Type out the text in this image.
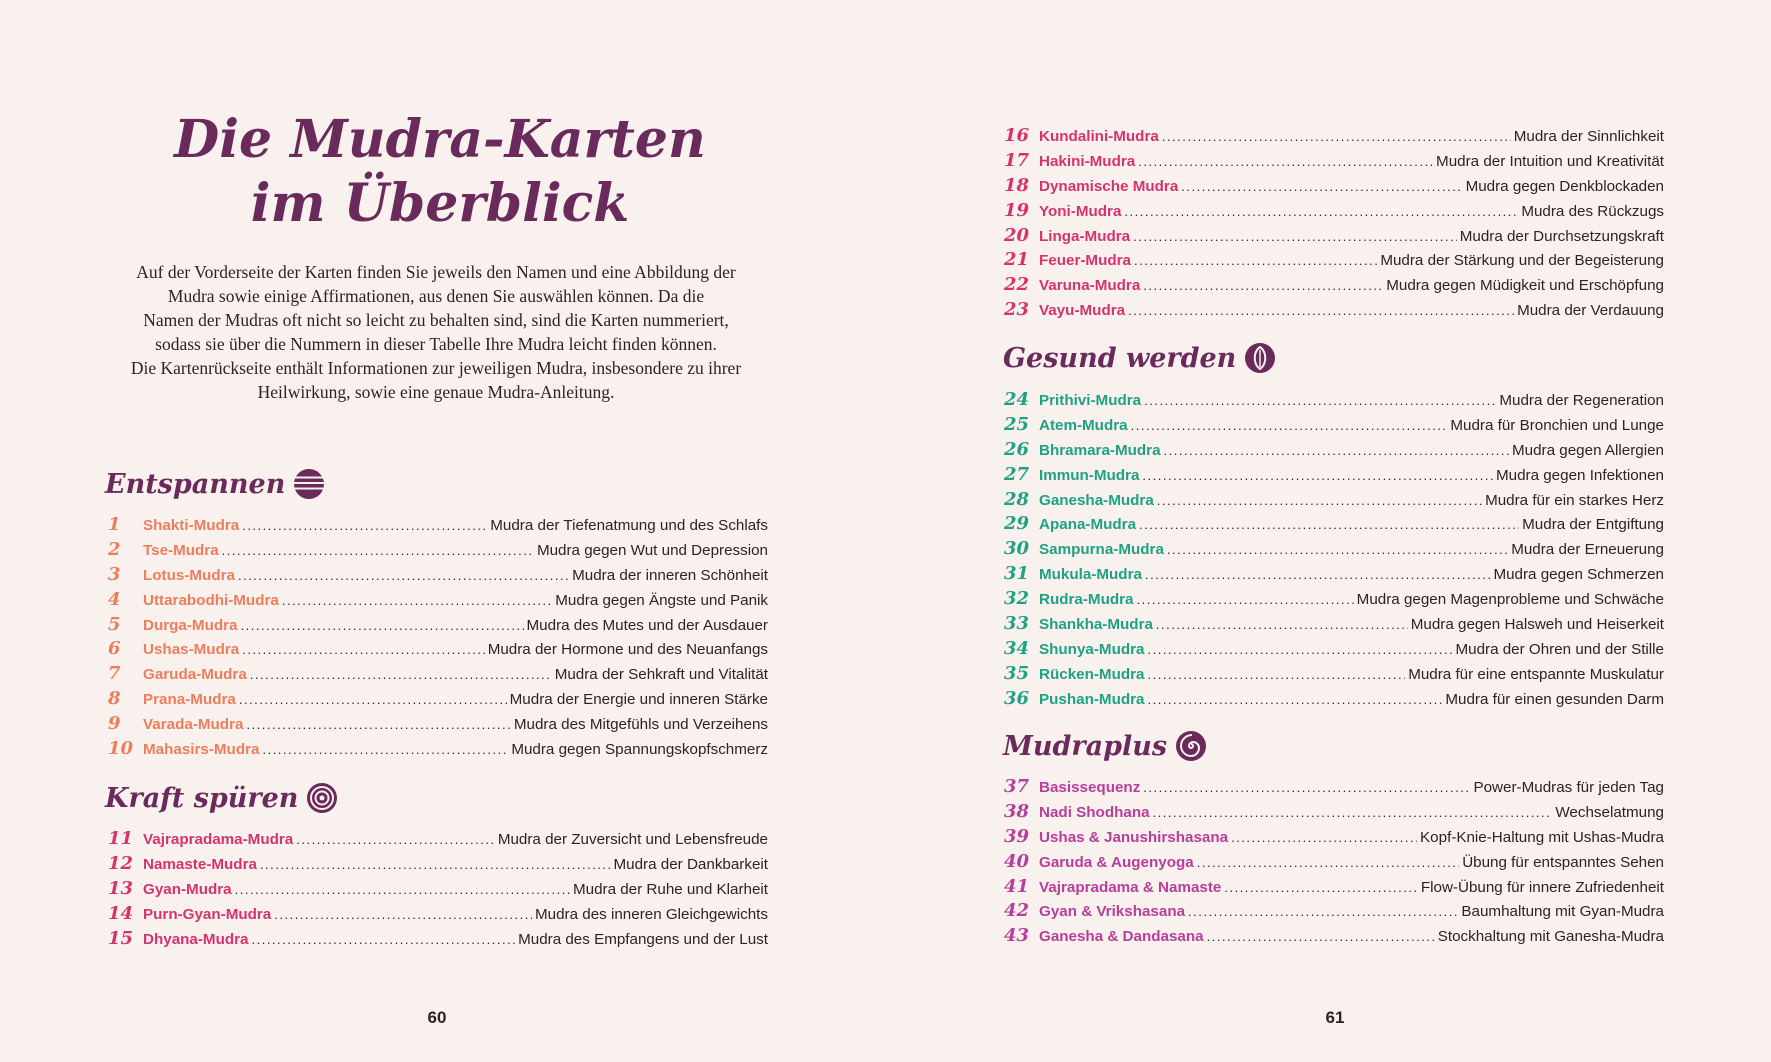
Die Mudra-Karten
im Überblick
Auf der Vorderseite der Karten finden Sie jeweils den Namen und eine Abbildung der
Mudra sowie einige Affirmationen, aus denen Sie auswählen können. Da die
Namen der Mudras oft nicht so leicht zu behalten sind, sind die Karten nummeriert,
sodass sie über die Nummern in dieser Tabelle Ihre Mudra leicht finden können.
Die Kartenrückseite enthält Informationen zur jeweiligen Mudra, insbesondere zu ihrer
Heilwirkung, sowie eine genaue Mudra-Anleitung.
Entspannen
1	Shakti-Mudra .....	Mudra der Tiefenatmung und des Schlafs
2	Tse-Mudra .....	Mudra gegen Wut und Depression
3	Lotus-Mudra .....	Mudra der inneren Schönheit
4	Uttarabodhi-Mudra .....	Mudra gegen Ängste und Panik
5	Durga-Mudra .....	Mudra des Mutes und der Ausdauer
6	Ushas-Mudra .....	Mudra der Hormone und des Neuanfangs
7	Garuda-Mudra .....	Mudra der Sehkraft und Vitalität
8	Prana-Mudra .....	Mudra der Energie und inneren Stärke
9	Varada-Mudra .....	Mudra des Mitgefühls und Verzeihens
10 Mahasirs-Mudra .....	Mudra gegen Spannungskopfschmerz
Kraft spüren
11 Vajrapradama-Mudra .....	Mudra der Zuversicht und Lebensfreude
12 Namaste-Mudra .....	Mudra der Dankbarkeit
13 Gyan-Mudra .....	Mudra der Ruhe und Klarheit
14 Purn-Gyan-Mudra .....	Mudra des inneren Gleichgewichts
15 Dhyana-Mudra .....	Mudra des Empfangens und der Lust
60
16 Kundalini-Mudra .....	Mudra der Sinnlichkeit
17 Hakini-Mudra .....	Mudra der Intuition und Kreativität
18 Dynamische Mudra .....	Mudra gegen Denkblockaden
19 Yoni-Mudra .....	Mudra des Rückzugs
20 Linga-Mudra .....	Mudra der Durchsetzungskraft
21 Feuer-Mudra .....	Mudra der Stärkung und der Begeisterung
22 Varuna-Mudra .....	Mudra gegen Müdigkeit und Erschöpfung
23 Vayu-Mudra .....	Mudra der Verdauung
Gesund werden
24 Prithivi-Mudra .....	Mudra der Regeneration
25 Atem-Mudra .....	Mudra für Bronchien und Lunge
26 Bhramara-Mudra .....	Mudra gegen Allergien
27 Immun-Mudra .....	Mudra gegen Infektionen
28 Ganesha-Mudra .....	Mudra für ein starkes Herz
29 Apana-Mudra .....	Mudra der Entgiftung
30 Sampurna-Mudra .....	Mudra der Erneuerung
31 Mukula-Mudra .....	Mudra gegen Schmerzen
32 Rudra-Mudra .....	Mudra gegen Magenprobleme und Schwäche
33 Shankha-Mudra .....	Mudra gegen Halsweh und Heiserkeit
34 Shunya-Mudra .....	Mudra der Ohren und der Stille
35 Rücken-Mudra .....	Mudra für eine entspannte Muskulatur
36 Pushan-Mudra .....	Mudra für einen gesunden Darm
Mudraplus
37 Basissequenz .....	Power-Mudras für jeden Tag
38 Nadi Shodhana .....	Wechselatmung
39 Ushas & Janushirshasana .....	Kopf-Knie-Haltung mit Ushas-Mudra
40 Garuda & Augenyoga .....	Übung für entspanntes Sehen
41 Vajrapradama & Namaste .....	Flow-Übung für innere Zufriedenheit
42 Gyan & Vrikshasana .....	Baumhaltung mit Gyan-Mudra
43 Ganesha & Dandasana .....	Stockhaltung mit Ganesha-Mudra
61
